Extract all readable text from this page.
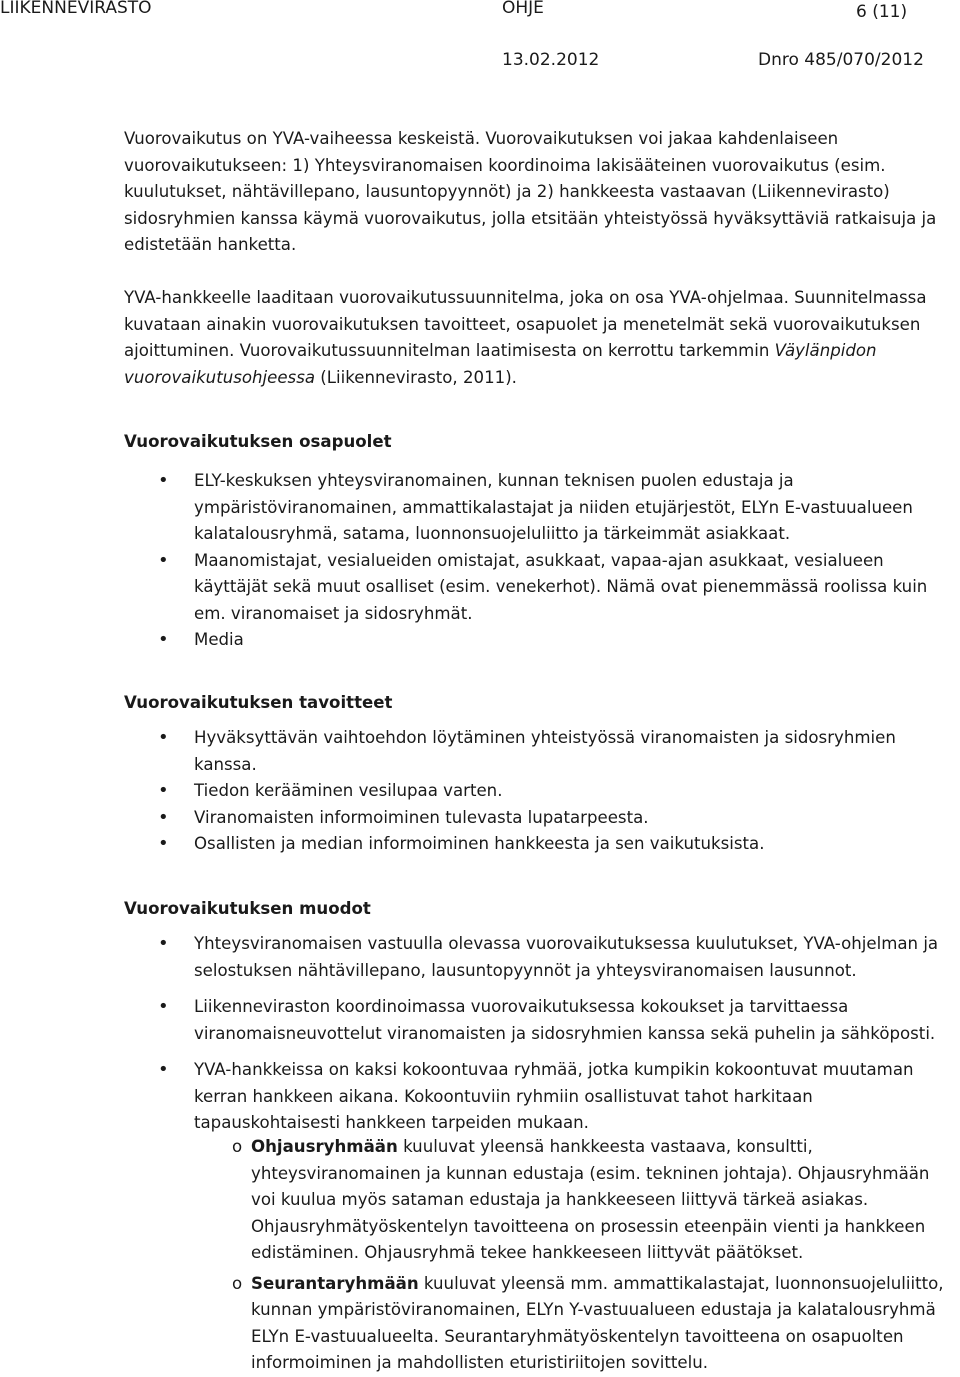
LIIKENNEVIRASTO	OHJE	6 (11)
13.02.2012	Dnro 485/070/2012

Vuorovaikutus on YVA-vaiheessa keskeistä. Vuorovaikutuksen voi jakaa kahdenlaiseen vuorovaikutukseen: 1) Yhteysviranomaisen koordinoima lakisääteinen vuorovaikutus (esim. kuulutukset, nähtävillepano, lausuntopyynnöt) ja 2) hankkeesta vastaavan (Liikennevirasto) sidosryhmien kanssa käymä vuorovaikutus, jolla etsitään yhteistyössä hyväksyttäviä ratkaisuja ja edistetään hanketta.

YVA-hankkeelle laaditaan vuorovaikutussuunnitelma, joka on osa YVA-ohjelmaa. Suunnitelmassa kuvataan ainakin vuorovaikutuksen tavoitteet, osapuolet ja menetelmät sekä vuorovaikutuksen ajoittuminen. Vuorovaikutussuunnitelman laatimisesta on kerrottu tarkemmin Väylänpidon vuorovaikutusohjeessa (Liikennevirasto, 2011).

Vuorovaikutuksen osapuolet
• ELY-keskuksen yhteysviranomainen, kunnan teknisen puolen edustaja ja ympäristöviranomainen, ammattikalastajat ja niiden etujärjestöt, ELYn E-vastuualueen kalatalousryhmä, satama, luonnonsuojeluliitto ja tärkeimmät asiakkaat.
• Maanomistajat, vesialueiden omistajat, asukkaat, vapaa-ajan asukkaat, vesialueen käyttäjät sekä muut osalliset (esim. venekerhot). Nämä ovat pienemmässä roolissa kuin em. viranomaiset ja sidosryhmät.
• Media
Vuorovaikutuksen tavoitteet
• Hyväksyttävän vaihtoehdon löytäminen yhteistyössä viranomaisten ja sidosryhmien kanssa.
• Tiedon kerääminen vesilupaa varten.
• Viranomaisten informoiminen tulevasta lupatarpeesta.
• Osallisten ja median informoiminen hankkeesta ja sen vaikutuksista.
Vuorovaikutuksen muodot
• Yhteysviranomaisen vastuulla olevassa vuorovaikutuksessa kuulutukset, YVA-ohjelman ja selostuksen nähtävillepano, lausuntopyynnöt ja yhteysviranomaisen lausunnot.
• Liikenneviraston koordinoimassa vuorovaikutuksessa kokoukset ja tarvittaessa viranomaisneuvottelut viranomaisten ja sidosryhmien kanssa sekä puhelin ja sähköposti.
• YVA-hankkeissa on kaksi kokoontuvaa ryhmää, jotka kumpikin kokoontuvat muutaman kerran hankkeen aikana. Kokoontuviin ryhmiin osallistuvat tahot harkitaan tapauskohtaisesti hankkeen tarpeiden mukaan.
o Ohjausryhmään kuuluvat yleensä hankkeesta vastaava, konsultti, yhteysviranomainen ja kunnan edustaja (esim. tekninen johtaja). Ohjausryhmään voi kuulua myös sataman edustaja ja hankkeeseen liittyvä tärkeä asiakas. Ohjausryhmätyöskentelyn tavoitteena on prosessin eteenpäin vienti ja hankkeen edistäminen. Ohjausryhmä tekee hankkeeseen liittyvät päätökset.
o Seurantaryhmään kuuluvat yleensä mm. ammattikalastajat, luonnonsuojeluliitto, kunnan ympäristöviranomainen, ELYn Y-vastuualueen edustaja ja kalatalousryhmä ELYn E-vastuualueelta. Seurantaryhmätyöskentelyn tavoitteena on osapuolten informoiminen ja mahdollisten eturistiriitojen sovittelu.
